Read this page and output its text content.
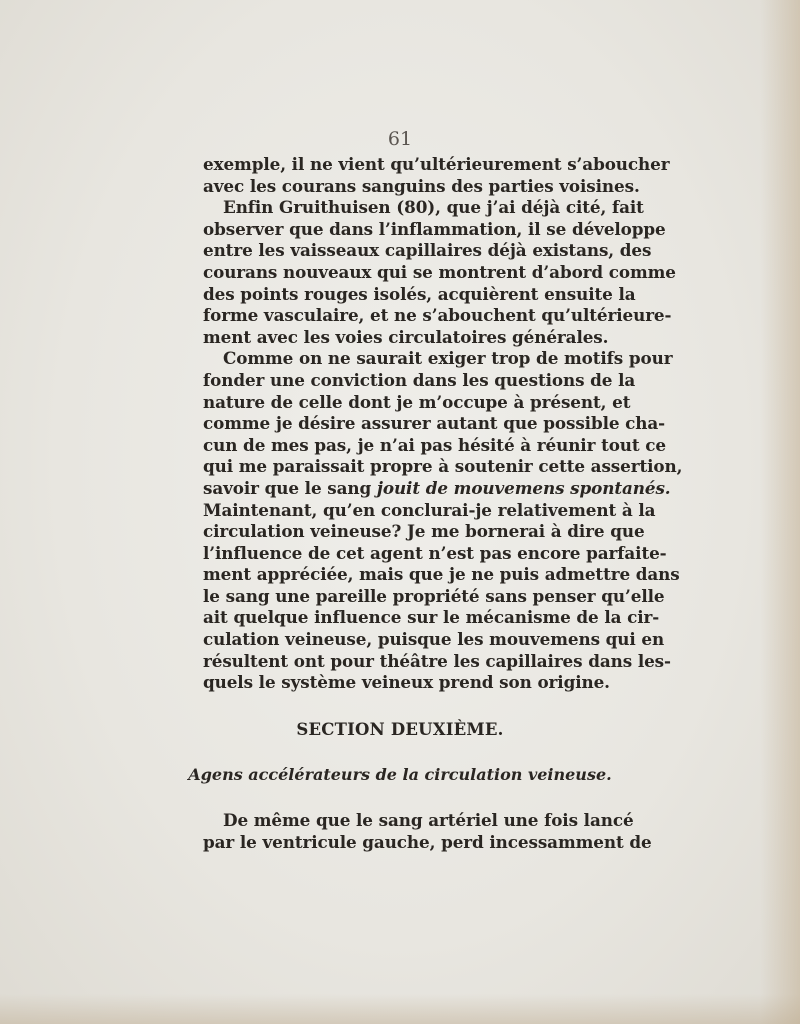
61
exemple, il ne vient qu’ultérieurement s’aboucher
avec les courans sanguins des parties voisines.
Enfin Gruithuisen (80), que j’ai déjà cité, fait
observer que dans l’inflammation, il se développe
entre les vaisseaux capillaires déjà existans, des
courans nouveaux qui se montrent d’abord comme
des points rouges isolés, acquièrent ensuite la
forme vasculaire, et ne s’abouchent qu’ultérieure-
ment avec les voies circulatoires générales.
Comme on ne saurait exiger trop de motifs pour
fonder une conviction dans les questions de la
nature de celle dont je m’occupe à présent, et
comme je désire assurer autant que possible cha-
cun de mes pas, je n’ai pas hésité à réunir tout ce
qui me paraissait propre à soutenir cette assertion,
savoir que le sang jouit de mouvemens spontanés.
Maintenant, qu’en conclurai-je relativement à la
circulation veineuse? Je me bornerai à dire que
l’influence de cet agent n’est pas encore parfaite-
ment appréciée, mais que je ne puis admettre dans
le sang une pareille propriété sans penser qu’elle
ait quelque influence sur le mécanisme de la cir-
culation veineuse, puisque les mouvemens qui en
résultent ont pour théâtre les capillaires dans les-
quels le système veineux prend son origine.
SECTION DEUXIÈME.
Agens accélérateurs de la circulation veineuse.
De même que le sang artériel une fois lancé
par le ventricule gauche, perd incessamment de
